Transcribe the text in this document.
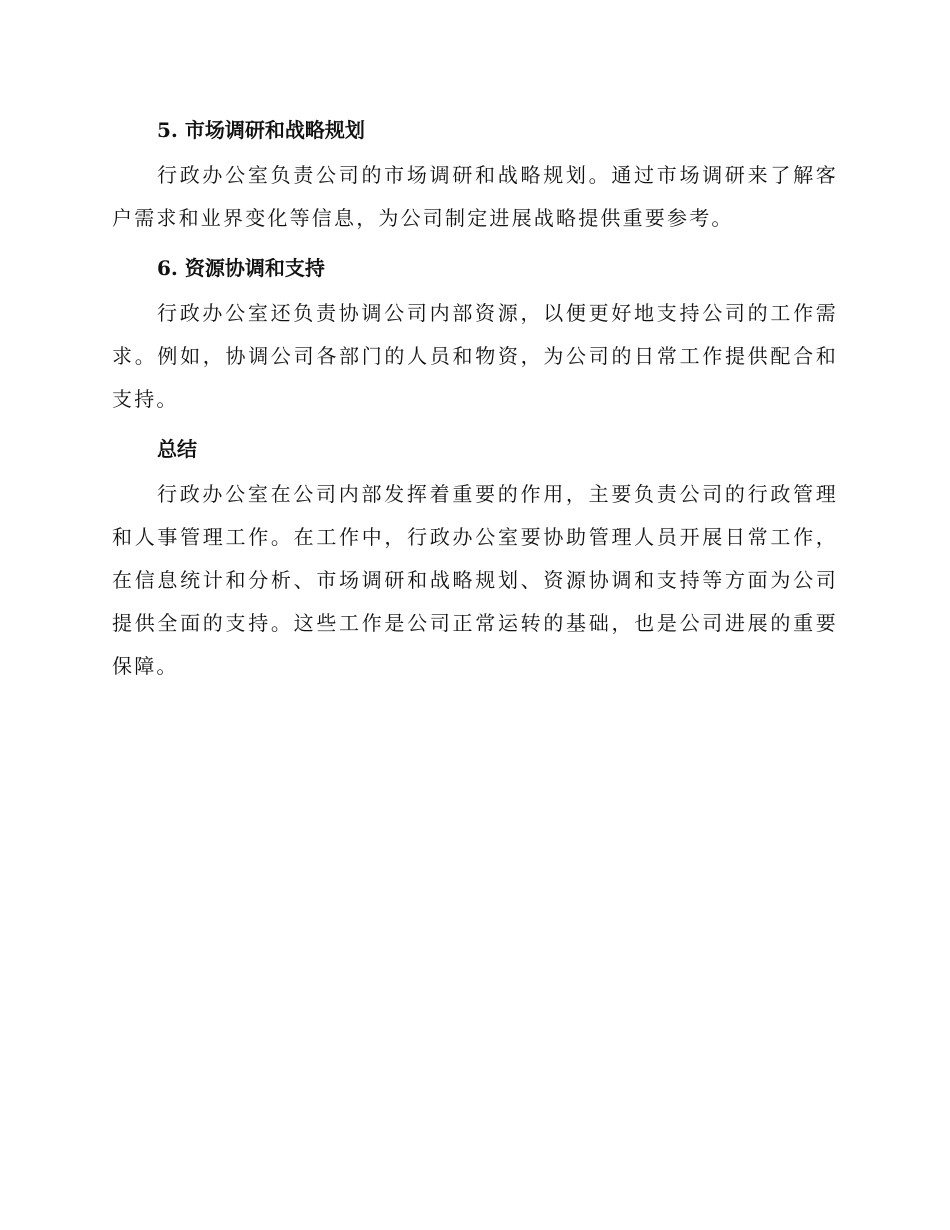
5. 市场调研和战略规划

行政办公室负责公司的市场调研和战略规划。通过市场调研来了解客户需求和业界变化等信息，为公司制定进展战略提供重要参考。

6. 资源协调和支持

行政办公室还负责协调公司内部资源，以便更好地支持公司的工作需求。例如，协调公司各部门的人员和物资，为公司的日常工作提供配合和支持。

总结

行政办公室在公司内部发挥着重要的作用，主要负责公司的行政管理和人事管理工作。在工作中，行政办公室要协助管理人员开展日常工作，在信息统计和分析、市场调研和战略规划、资源协调和支持等方面为公司提供全面的支持。这些工作是公司正常运转的基础，也是公司进展的重要保障。
